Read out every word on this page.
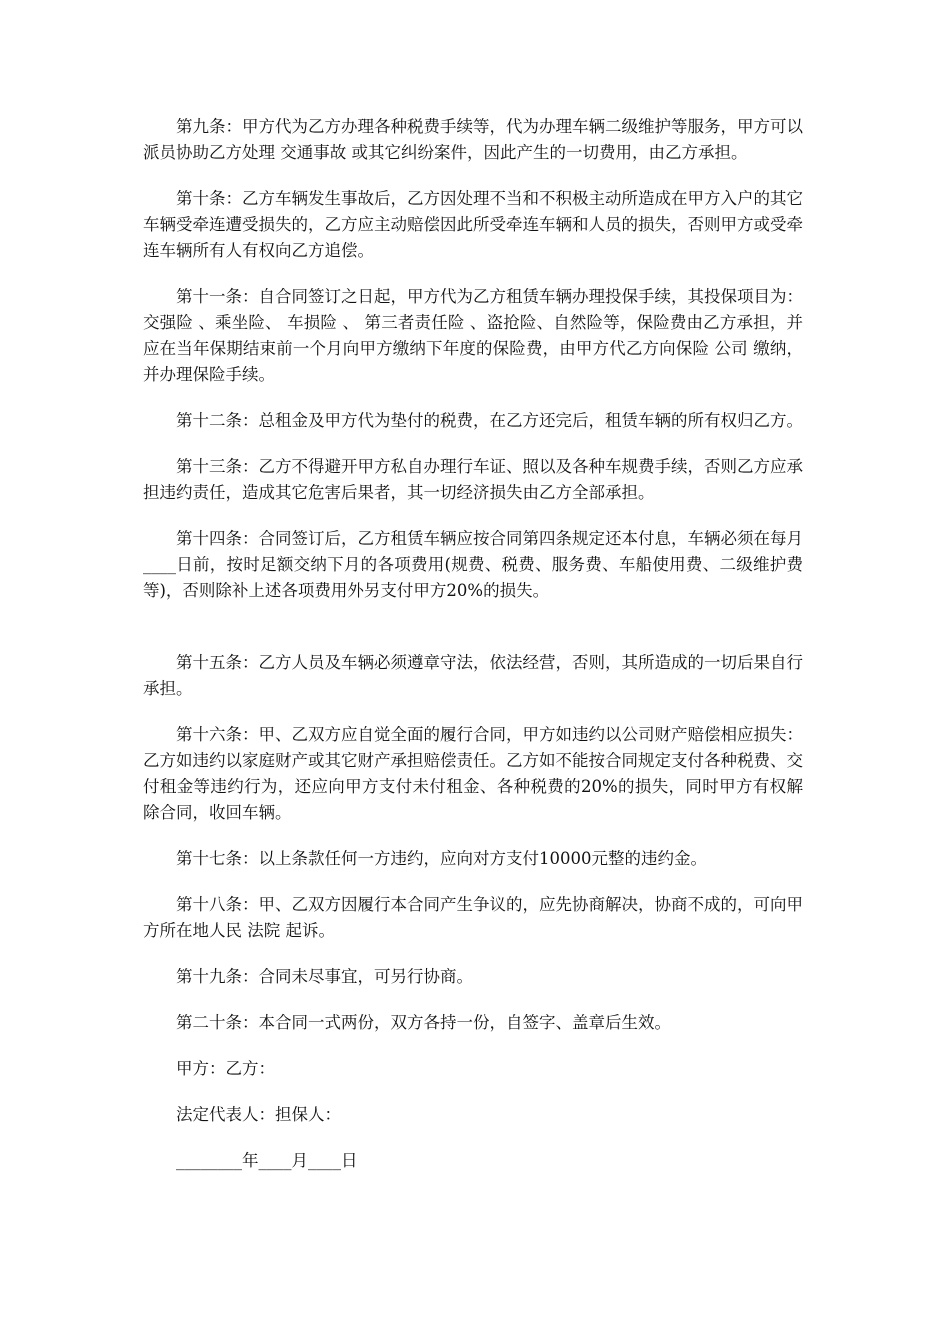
第九条：甲方代为乙方办理各种税费手续等，代为办理车辆二级维护等服务，甲方可以派员协助乙方处理 交通事故 或其它纠纷案件，因此产生的一切费用，由乙方承担。

第十条：乙方车辆发生事故后，乙方因处理不当和不积极主动所造成在甲方入户的其它车辆受牵连遭受损失的，乙方应主动赔偿因此所受牵连车辆和人员的损失，否则甲方或受牵连车辆所有人有权向乙方追偿。

第十一条：自合同签订之日起，甲方代为乙方租赁车辆办理投保手续，其投保项目为： 交强险 、乘坐险、 车损险 、 第三者责任险 、盗抢险、自然险等，保险费由乙方承担，并应在当年保期结束前一个月向甲方缴纳下年度的保险费，由甲方代乙方向保险 公司 缴纳，并办理保险手续。

第十二条：总租金及甲方代为垫付的税费，在乙方还完后，租赁车辆的所有权归乙方。

第十三条：乙方不得避开甲方私自办理行车证、照以及各种车规费手续，否则乙方应承担违约责任，造成其它危害后果者，其一切经济损失由乙方全部承担。

第十四条：合同签订后，乙方租赁车辆应按合同第四条规定还本付息，车辆必须在每月____日前，按时足额交纳下月的各项费用(规费、税费、服务费、车船使用费、二级维护费等)，否则除补上述各项费用外另支付甲方20%的损失。

第十五条：乙方人员及车辆必须遵章守法，依法经营，否则，其所造成的一切后果自行承担。

第十六条：甲、乙双方应自觉全面的履行合同，甲方如违约以公司财产赔偿相应损失：乙方如违约以家庭财产或其它财产承担赔偿责任。乙方如不能按合同规定支付各种税费、交付租金等违约行为，还应向甲方支付未付租金、各种税费的20%的损失，同时甲方有权解除合同，收回车辆。

第十七条：以上条款任何一方违约，应向对方支付10000元整的违约金。

第十八条：甲、乙双方因履行本合同产生争议的，应先协商解决，协商不成的，可向甲方所在地人民 法院 起诉。

第十九条：合同未尽事宜，可另行协商。

第二十条：本合同一式两份，双方各持一份，自签字、盖章后生效。

甲方：乙方：

法定代表人：担保人：

________年____月____日
